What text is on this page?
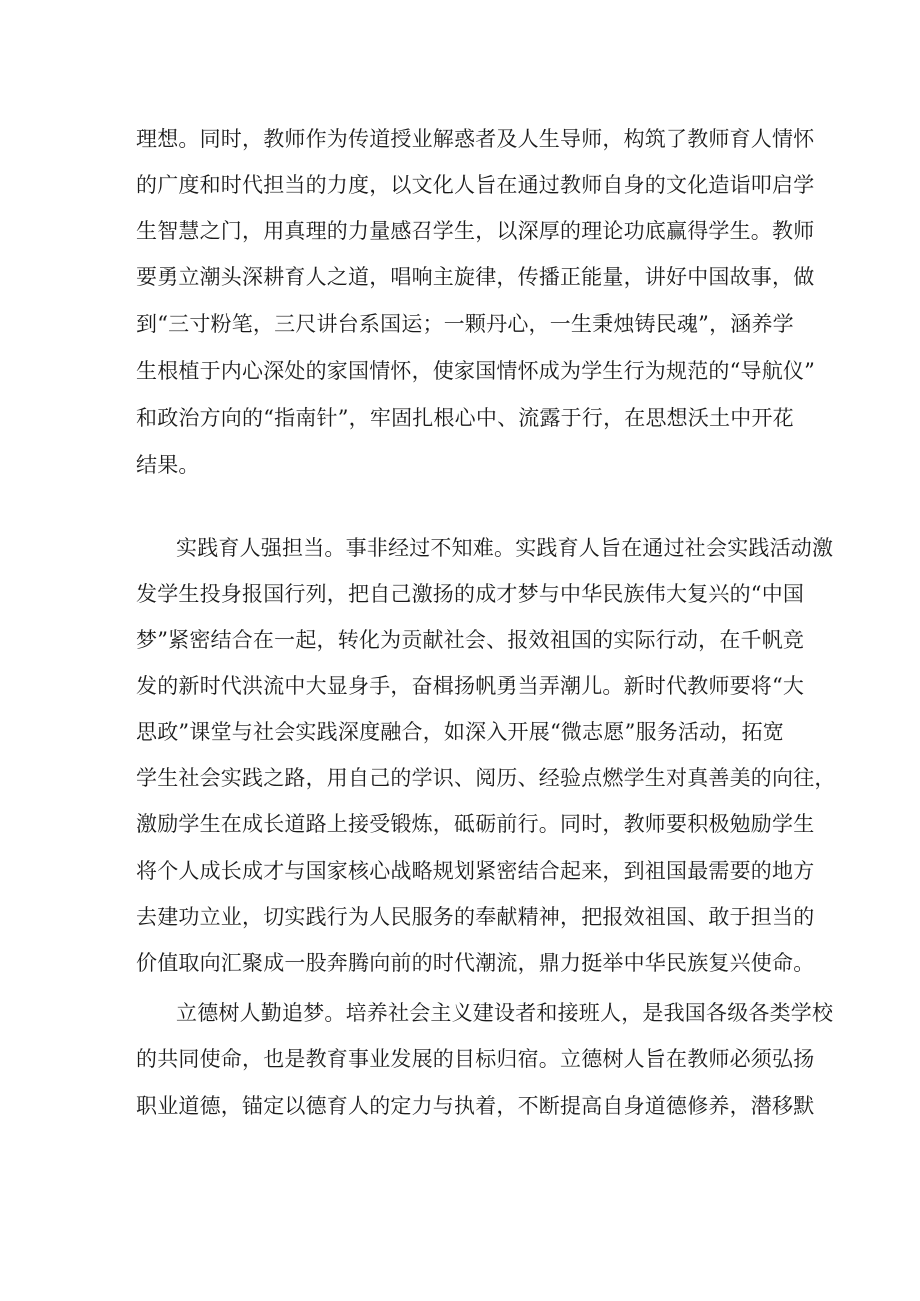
理想。同时，教师作为传道授业解惑者及人生导师，构筑了教师育人情怀
的广度和时代担当的力度，以文化人旨在通过教师自身的文化造诣叩启学
生智慧之门，用真理的力量感召学生，以深厚的理论功底赢得学生。教师
要勇立潮头深耕育人之道，唱响主旋律，传播正能量，讲好中国故事，做
到“三寸粉笔，三尺讲台系国运；一颗丹心，一生秉烛铸民魂”，涵养学
生根植于内心深处的家国情怀，使家国情怀成为学生行为规范的“导航仪”
和政治方向的“指南针”，牢固扎根心中、流露于行，在思想沃土中开花
结果。
实践育人强担当。事非经过不知难。实践育人旨在通过社会实践活动激
发学生投身报国行列，把自己激扬的成才梦与中华民族伟大复兴的“中国
梦”紧密结合在一起，转化为贡献社会、报效祖国的实际行动，在千帆竞
发的新时代洪流中大显身手，奋楫扬帆勇当弄潮儿。新时代教师要将“大
思政”课堂与社会实践深度融合，如深入开展“微志愿”服务活动，拓宽
学生社会实践之路，用自己的学识、阅历、经验点燃学生对真善美的向往，
激励学生在成长道路上接受锻炼，砥砺前行。同时，教师要积极勉励学生
将个人成长成才与国家核心战略规划紧密结合起来，到祖国最需要的地方
去建功立业，切实践行为人民服务的奉献精神，把报效祖国、敢于担当的
价值取向汇聚成一股奔腾向前的时代潮流，鼎力挺举中华民族复兴使命。
立德树人勤追梦。培养社会主义建设者和接班人，是我国各级各类学校
的共同使命，也是教育事业发展的目标归宿。立德树人旨在教师必须弘扬
职业道德，锚定以德育人的定力与执着，不断提高自身道德修养，潜移默
